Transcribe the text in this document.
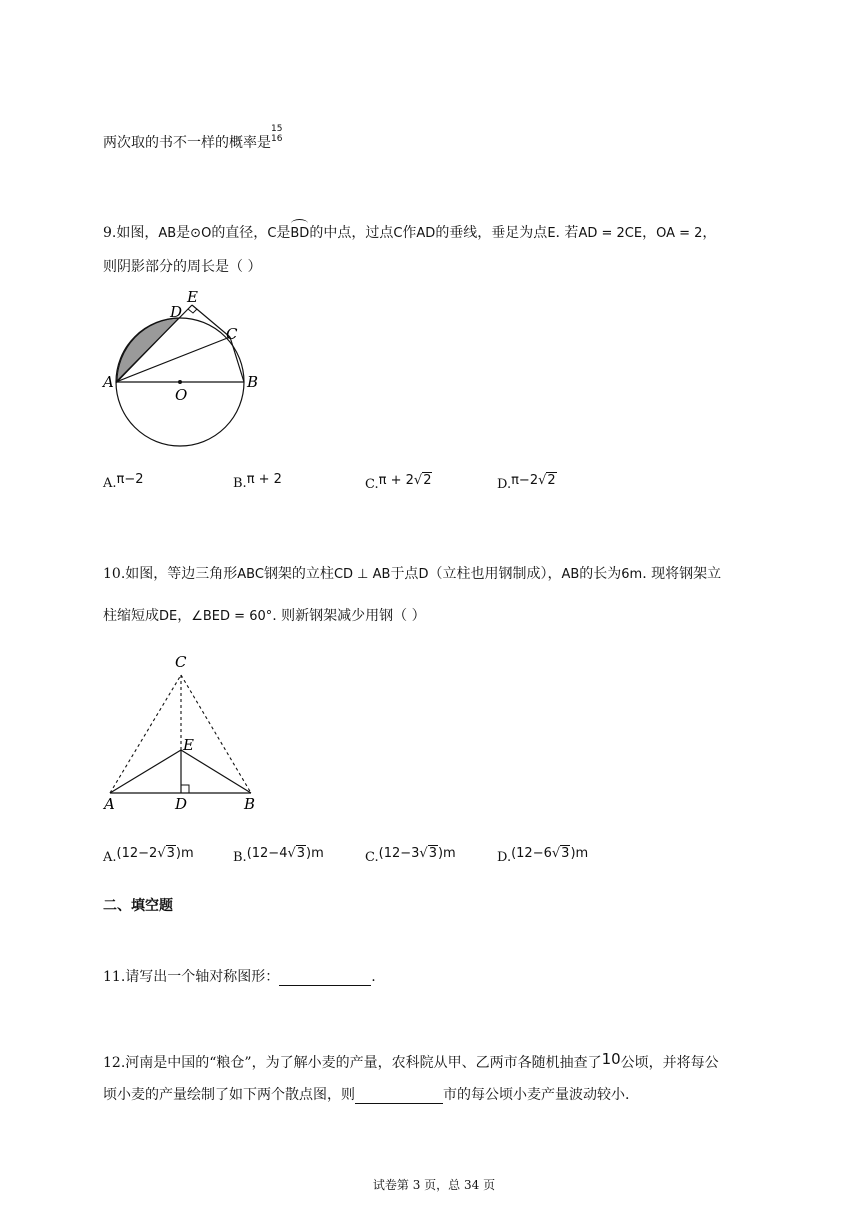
两次取的书不一样的概率是
15
16
9.如图，AB是⊙O的直径，C是BD的中点，过点C作AD的垂线，垂足为点E. 若AD = 2CE，OA = 2，
则阴影部分的周长是（ ）
D
E
C
A	B
O
A.π−2	B.π + 2	C.π + 2√2	D.π−2√2
10.如图，等边三角形ABC钢架的立柱CD ⊥ AB于点D（立柱也用钢制成），AB的长为6m. 现将钢架立
柱缩短成DE，∠BED = 60°. 则新钢架减少用钢（ ）
C
E
A	D	B
A.(12−2√3)m	B.(12−4√3)m	C.(12−3√3)m	D.(12−6√3)m
二、填空题
11.请写出一个轴对称图形：	.
12.河南是中国的“粮仓”，为了解小麦的产量，农科院从甲、乙两市各随机抽查了10公顷，并将每公
顷小麦的产量绘制了如下两个散点图，则	市的每公顷小麦产量波动较小.
试卷第 3 页，总 34 页
